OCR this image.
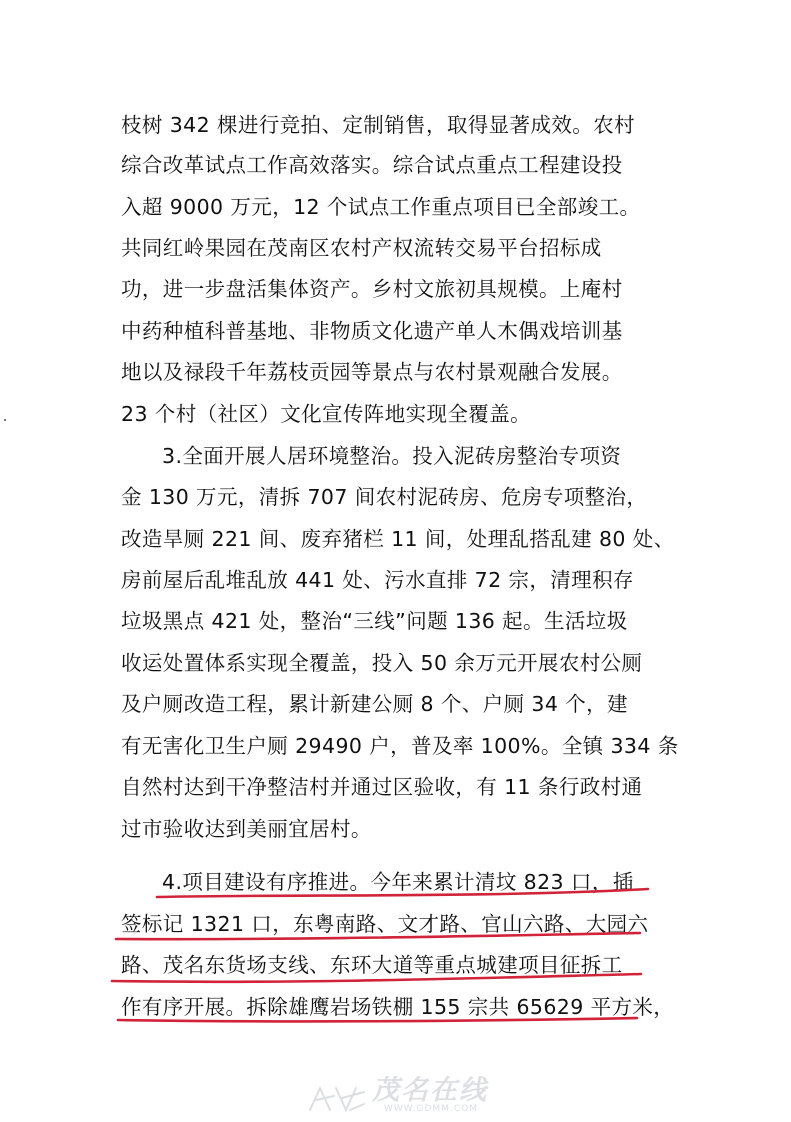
枝树 342 棵进行竞拍、定制销售，取得显著成效。农村
综合改革试点工作高效落实。综合试点重点工程建设投
入超 9000 万元，12 个试点工作重点项目已全部竣工。
共同红岭果园在茂南区农村产权流转交易平台招标成
功，进一步盘活集体资产。乡村文旅初具规模。上庵村
中药种植科普基地、非物质文化遗产单人木偶戏培训基
地以及禄段千年荔枝贡园等景点与农村景观融合发展。
23 个村（社区）文化宣传阵地实现全覆盖。
3.全面开展人居环境整治。投入泥砖房整治专项资
金 130 万元，清拆 707 间农村泥砖房、危房专项整治，
改造旱厕 221 间、废弃猪栏 11 间，处理乱搭乱建 80 处、
房前屋后乱堆乱放 441 处、污水直排 72 宗，清理积存
垃圾黑点 421 处，整治“三线”问题 136 起。生活垃圾
收运处置体系实现全覆盖，投入 50 余万元开展农村公厕
及户厕改造工程，累计新建公厕 8 个、户厕 34 个，建
有无害化卫生户厕 29490 户，普及率 100%。全镇 334 条
自然村达到干净整洁村并通过区验收，有 11 条行政村通
过市验收达到美丽宜居村。
4.项目建设有序推进。今年来累计清坟 823 口，插
签标记 1321 口，东粤南路、文才路、官山六路、大园六
路、茂名东货场支线、东环大道等重点城建项目征拆工
作有序开展。拆除雄鹰岩场铁棚 155 宗共 65629 平方米，
茂名在线
WWW.GDMM.COM
